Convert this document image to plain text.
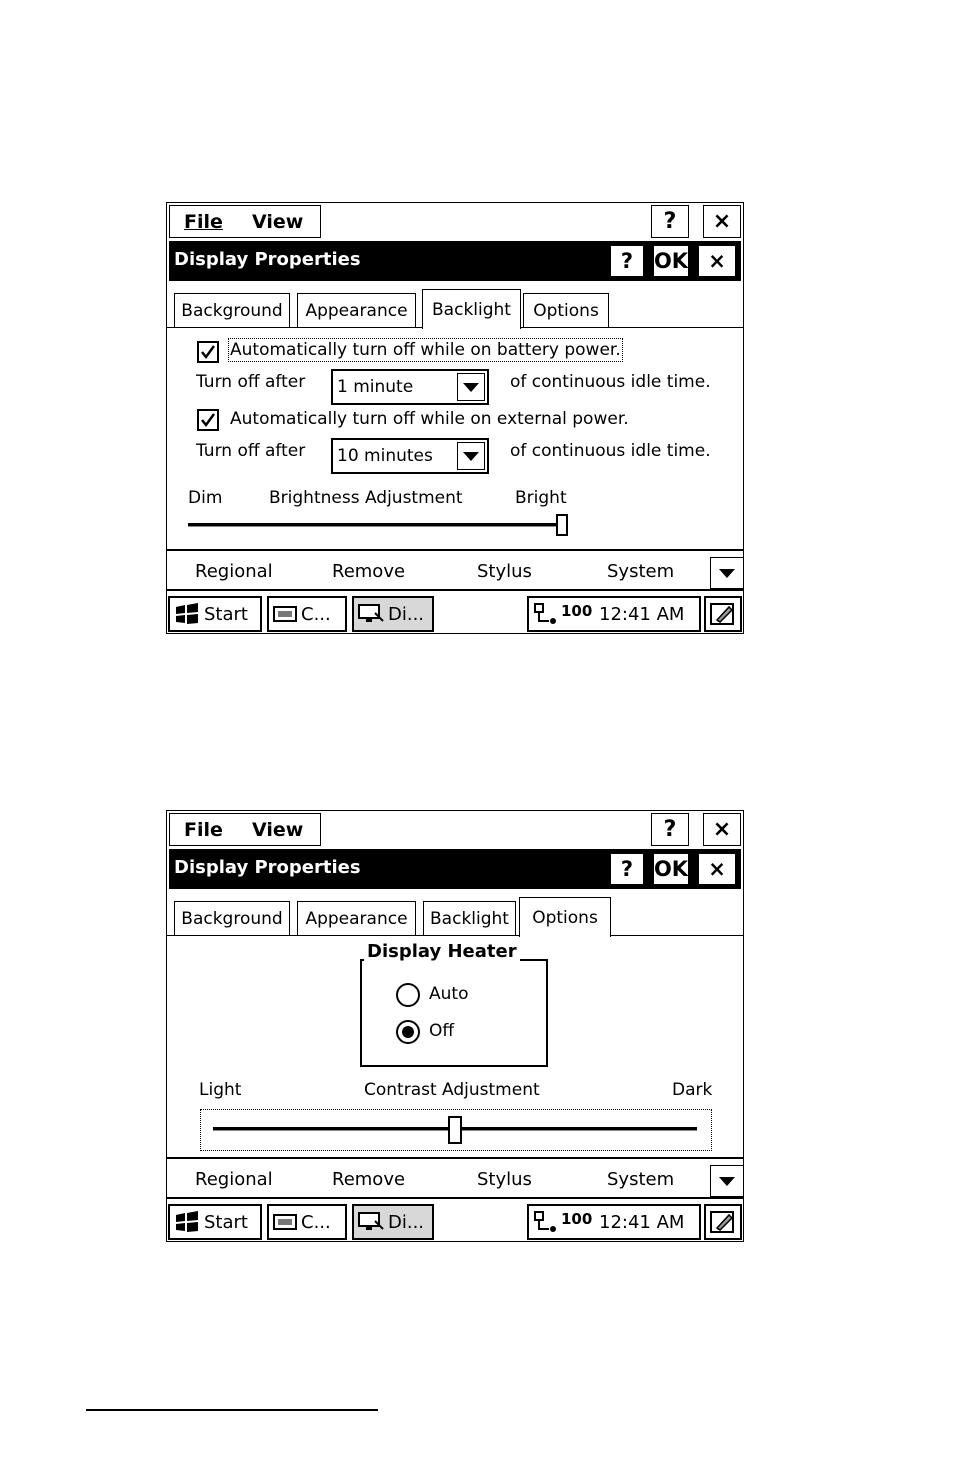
File View	? ×
Display Properties	? OK ×
Background Appearance Backlight Options
Automatically turn off while on battery power.
Turn off after 1 minute	of continuous idle time.
Automatically turn off while on external power.
Turn off after 10 minutes	of continuous idle time.
Dim	Brightness Adjustment	Bright
Regional	Remove	Stylus	System
Start	C...	Di...	100 12:41 AM
File View	? ×
Display Properties	? OK ×
Background Appearance Backlight Options
Display Heater
Auto
Off
Light	Contrast Adjustment	Dark
Regional	Remove	Stylus	System
Start	C...	Di...	100 12:41 AM
